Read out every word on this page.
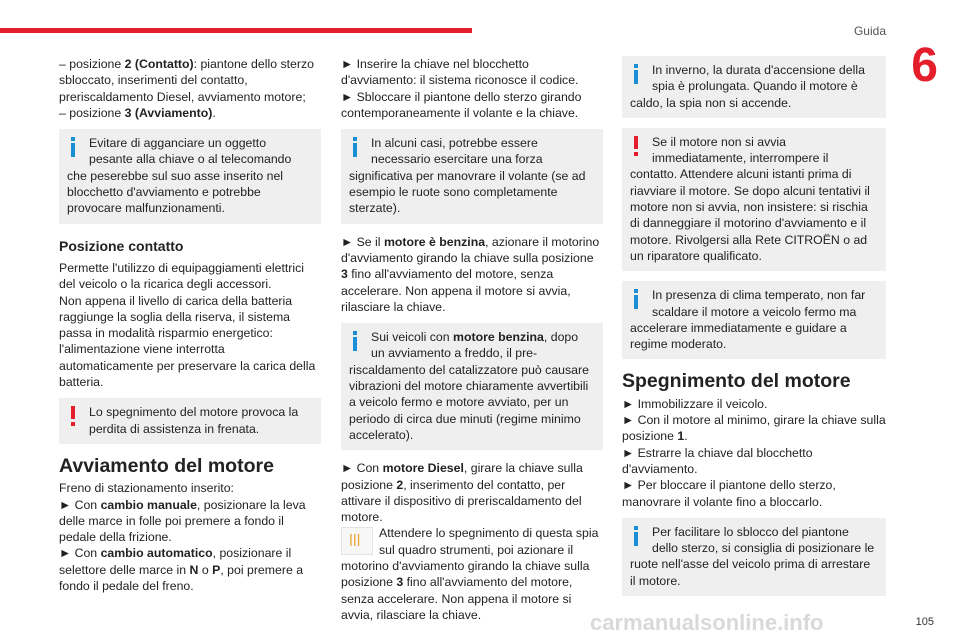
Guida
6

– posizione 2 (Contatto): piantone dello sterzo sbloccato, inserimenti del contatto, preriscaldamento Diesel, avviamento motore;

– posizione 3 (Avviamento).

Evitare di agganciare un oggetto pesante alla chiave o al telecomando che peserebbe sul suo asse inserito nel blocchetto d'avviamento e potrebbe provocare malfunzionamenti.
Posizione contatto

Permette l'utilizzo di equipaggiamenti elettrici del veicolo o la ricarica degli accessori.

Non appena il livello di carica della batteria raggiunge la soglia della riserva, il sistema passa in modalità risparmio energetico: l'alimentazione viene interrotta automaticamente per preservare la carica della batteria.

Lo spegnimento del motore provoca la perdita di assistenza in frenata.
Avviamento del motore

Freno di stazionamento inserito:

► Con cambio manuale, posizionare la leva delle marce in folle poi premere a fondo il pedale della frizione.

► Con cambio automatico, posizionare il selettore delle marce in N o P, poi premere a fondo il pedale del freno.

► Inserire la chiave nel blocchetto d'avviamento: il sistema riconosce il codice.

► Sbloccare il piantone dello sterzo girando contemporaneamente il volante e la chiave.

In alcuni casi, potrebbe essere necessario esercitare una forza significativa per manovrare il volante (se ad esempio le ruote sono completamente sterzate).

► Se il motore è benzina, azionare il motorino d'avviamento girando la chiave sulla posizione 3 fino all'avviamento del motore, senza accelerare. Non appena il motore si avvia, rilasciare la chiave.

Sui veicoli con motore benzina, dopo un avviamento a freddo, il pre-riscaldamento del catalizzatore può causare vibrazioni del motore chiaramente avvertibili a veicolo fermo e motore avviato, per un periodo di circa due minuti (regime minimo accelerato).

► Con motore Diesel, girare la chiave sulla posizione 2, inserimento del contatto, per attivare il dispositivo di preriscaldamento del motore.

ꟾꟾꟾ
Attendere lo spegnimento di questa spia sul quadro strumenti, poi azionare il motorino d'avviamento girando la chiave sulla posizione 3 fino all'avviamento del motore, senza accelerare. Non appena il motore si avvia, rilasciare la chiave.

In inverno, la durata d'accensione della spia è prolungata. Quando il motore è caldo, la spia non si accende.
Se il motore non si avvia immediatamente, interrompere il contatto. Attendere alcuni istanti prima di riavviare il motore. Se dopo alcuni tentativi il motore non si avvia, non insistere: si rischia di danneggiare il motorino d'avviamento e il motore. Rivolgersi alla Rete CITROËN o ad un riparatore qualificato.
In presenza di clima temperato, non far scaldare il motore a veicolo fermo ma accelerare immediatamente e guidare a regime moderato.
Spegnimento del motore

► Immobilizzare il veicolo.

► Con il motore al minimo, girare la chiave sulla posizione 1.

► Estrarre la chiave dal blocchetto d'avviamento.

► Per bloccare il piantone dello sterzo, manovrare il volante fino a bloccarlo.

Per facilitare lo sblocco del piantone dello sterzo, si consiglia di posizionare le ruote nell'asse del veicolo prima di arrestare il motore.
carmanualsonline.info	105
